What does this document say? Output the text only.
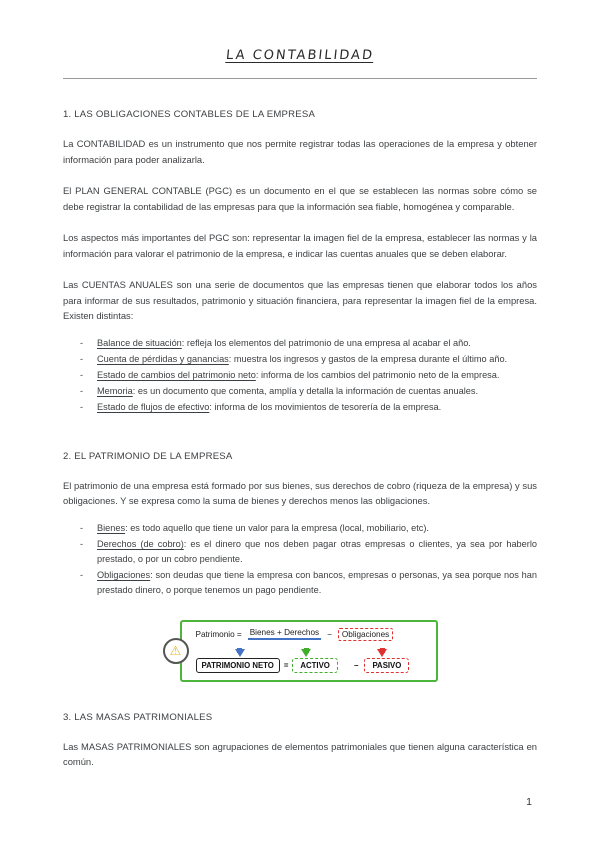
LA CONTABILIDAD
1. LAS OBLIGACIONES CONTABLES DE LA EMPRESA

La CONTABILIDAD es un instrumento que nos permite registrar todas las operaciones de la empresa y obtener información para poder analizarla.

El PLAN GENERAL CONTABLE (PGC) es un documento en el que se establecen las normas sobre cómo se debe registrar la contabilidad de las empresas para que la información sea fiable, homogénea y comparable.

Los aspectos más importantes del PGC son: representar la imagen fiel de la empresa, establecer las normas y la información para valorar el patrimonio de la empresa, e indicar las cuentas anuales que se deben elaborar.

Las CUENTAS ANUALES son una serie de documentos que las empresas tienen que elaborar todos los años para informar de sus resultados, patrimonio y situación financiera, para representar la imagen fiel de la empresa. Existen distintas:

-	Balance de situación: refleja los elementos del patrimonio de una empresa al acabar el año.
-	Cuenta de pérdidas y ganancias: muestra los ingresos y gastos de la empresa durante el último año.
-	Estado de cambios del patrimonio neto: informa de los cambios del patrimonio neto de la empresa.
-	Memoria: es un documento que comenta, amplía y detalla la información de cuentas anuales.
-	Estado de flujos de efectivo: informa de los movimientos de tesorería de la empresa.
2. EL PATRIMONIO DE LA EMPRESA

El patrimonio de una empresa está formado por sus bienes, sus derechos de cobro (riqueza de la empresa) y sus obligaciones. Y se expresa como la suma de bienes y derechos menos las obligaciones.

-	Bienes: es todo aquello que tiene un valor para la empresa (local, mobiliario, etc).
-	Derechos (de cobro): es el dinero que nos deben pagar otras empresas o clientes, ya sea por haberlo prestado, o por un cobro pendiente.
-	Obligaciones: son deudas que tiene la empresa con bancos, empresas o personas, ya sea porque nos han prestado dinero, o porque tenemos un pago pendiente.
⚠
Patrimonio = Bienes + Derechos −	Obligaciones
PATRIMONIO NETO	=	ACTIVO	−	PASIVO
3. LAS MASAS PATRIMONIALES

Las MASAS PATRIMONIALES son agrupaciones de elementos patrimoniales que tienen alguna característica en común.

1
